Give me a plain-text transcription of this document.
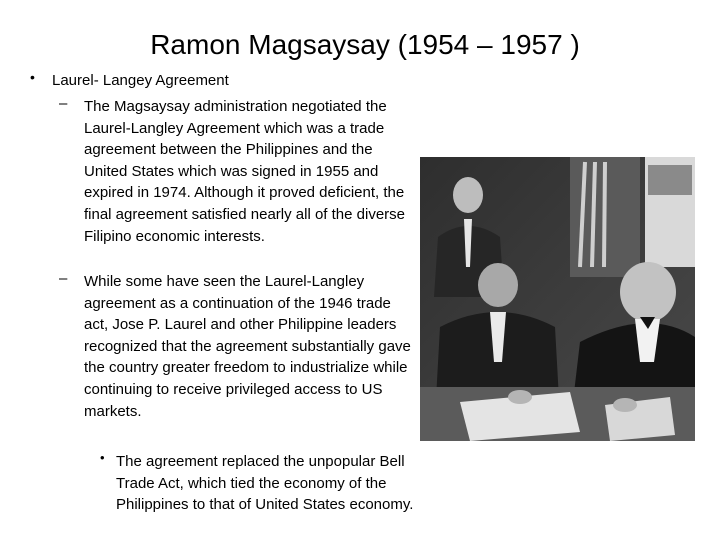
Ramon Magsaysay (1954 – 1957 )
• Laurel- Langey Agreement
– The Magsaysay administration negotiated the Laurel-Langley Agreement which was a trade agreement between the Philippines and the United States which was signed in 1955 and expired in 1974. Although it proved deficient, the final agreement satisfied nearly all of the diverse Filipino economic interests.
– While some have seen the Laurel-Langley agreement as a continuation of the 1946 trade act, Jose P. Laurel and other Philippine leaders recognized that the agreement substantially gave the country greater freedom to industrialize while continuing to receive privileged access to US markets.
• The agreement replaced the unpopular Bell Trade Act, which tied the economy of the Philippines to that of United States economy.
